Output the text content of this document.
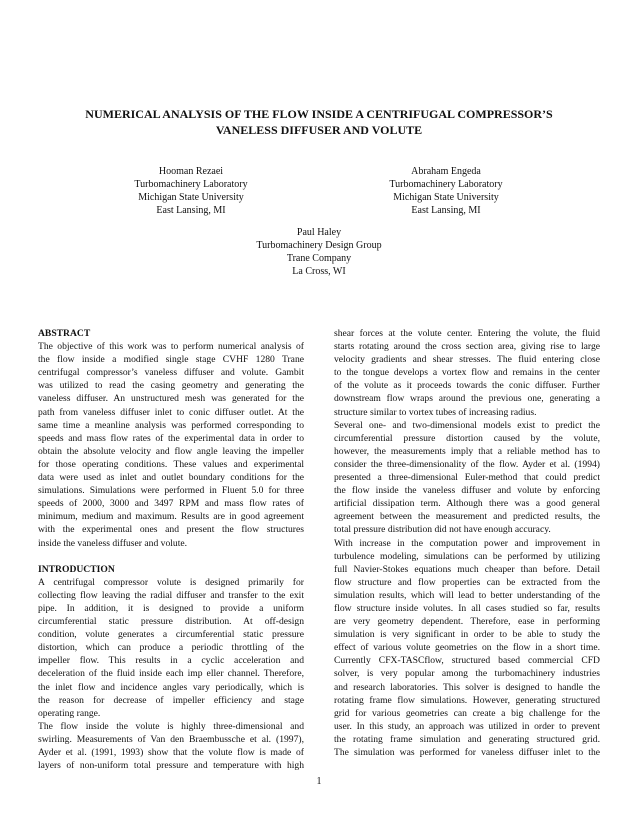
NUMERICAL ANALYSIS OF THE FLOW INSIDE A CENTRIFUGAL COMPRESSOR’S
VANELESS DIFFUSER AND VOLUTE
Hooman Rezaei
Turbomachinery Laboratory
Michigan State University
East Lansing, MI
Abraham Engeda
Turbomachinery Laboratory
Michigan State University
East Lansing, MI
Paul Haley
Turbomachinery Design Group
Trane Company
La Cross, WI
ABSTRACT
The objective of this work was to perform numerical analysis of
the flow inside a modified single stage CVHF 1280 Trane
centrifugal compressor’s vaneless diffuser and volute. Gambit
was utilized to read the casing geometry and generating the
vaneless diffuser. An unstructured mesh was generated for the
path from vaneless diffuser inlet to conic diffuser outlet. At the
same time a meanline analysis was performed corresponding to
speeds and mass flow rates of the experimental data in order to
obtain the absolute velocity and flow angle leaving the impeller
for those operating conditions. These values and experimental
data were used as inlet and outlet boundary conditions for the
simulations. Simulations were performed in Fluent 5.0 for three
speeds of 2000, 3000 and 3497 RPM and mass flow rates of
minimum, medium and maximum. Results are in good agreement
with the experimental ones and present the flow structures
inside the vaneless diffuser and volute.
INTRODUCTION
A centrifugal compressor volute is designed primarily for
collecting flow leaving the radial diffuser and transfer to the exit
pipe. In addition, it is designed to provide a uniform
circumferential static pressure distribution. At off-design
condition, volute generates a circumferential static pressure
distortion, which can produce a periodic throttling of the
impeller flow. This results in a cyclic acceleration and
deceleration of the fluid inside each imp eller channel. Therefore,
the inlet flow and incidence angles vary periodically, which is
the reason for decrease of impeller efficiency and stage
operating range.
The flow inside the volute is highly three-dimensional and
swirling. Measurements of Van den Braembussche et al. (1997),
Ayder et al. (1991, 1993) show that the volute flow is made of
layers of non-uniform total pressure and temperature with high
shear forces at the volute center. Entering the volute, the fluid
starts rotating around the cross section area, giving rise to large
velocity gradients and shear stresses. The fluid entering close
to the tongue develops a vortex flow and remains in the center
of the volute as it proceeds towards the conic diffuser. Further
downstream flow wraps around the previous one, generating a
structure similar to vortex tubes of increasing radius.
Several one- and two-dimensional models exist to predict the
circumferential pressure distortion caused by the volute,
however, the measurements imply that a reliable method has to
consider the three-dimensionality of the flow. Ayder et al. (1994)
presented a three-dimensional Euler-method that could predict
the flow inside the vaneless diffuser and volute by enforcing
artificial dissipation term. Although there was a good general
agreement between the measurement and predicted results, the
total pressure distribution did not have enough accuracy.
With increase in the computation power and improvement in
turbulence modeling, simulations can be performed by utilizing
full Navier-Stokes equations much cheaper than before. Detail
flow structure and flow properties can be extracted from the
simulation results, which will lead to better understanding of the
flow structure inside volutes. In all cases studied so far, results
are very geometry dependent. Therefore, ease in performing
simulation is very significant in order to be able to study the
effect of various volute geometries on the flow in a short time.
Currently CFX-TASCflow, structured based commercial CFD
solver, is very popular among the turbomachinery industries
and research laboratories. This solver is designed to handle the
rotating frame flow simulations. However, generating structured
grid for various geometries can create a big challenge for the
user. In this study, an approach was utilized in order to prevent
the rotating frame simulation and generating structured grid.
The simulation was performed for vaneless diffuser inlet to the
1
